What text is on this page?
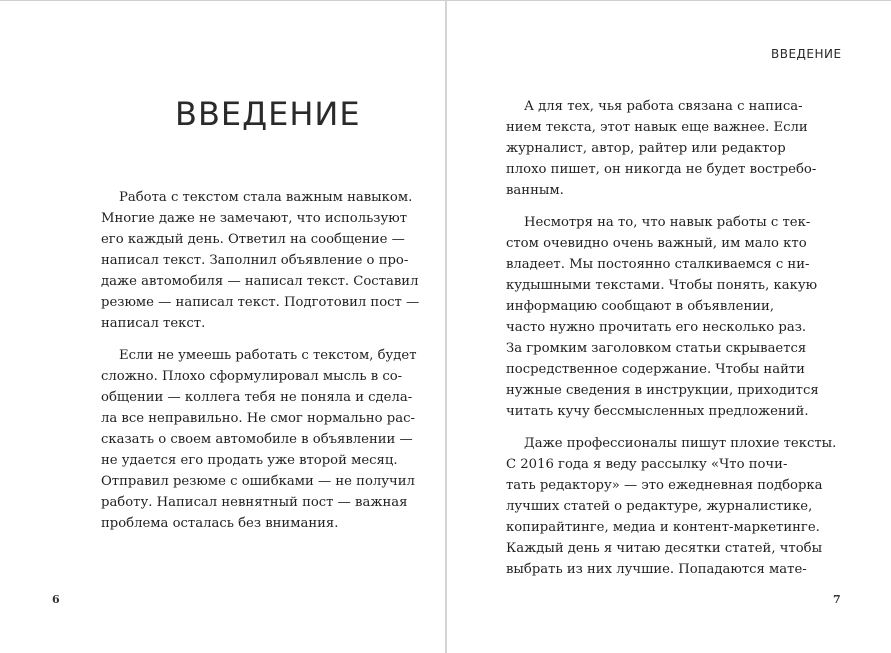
ВВЕДЕНИЕ

Работа с текстом стала важным навыком.
Многие даже не замечают, что используют
его каждый день. Ответил на сообщение —
написал текст. Заполнил объявление о про-
даже автомобиля — написал текст. Составил
резюме — написал текст. Подготовил пост —
написал текст.

Если не умеешь работать с текстом, будет
сложно. Плохо сформулировал мысль в со-
общении — коллега тебя не поняла и сдела-
ла все неправильно. Не смог нормально рас-
сказать о своем автомобиле в объявлении —
не удается его продать уже второй месяц.
Отправил резюме с ошибками — не получил
работу. Написал невнятный пост — важная
проблема осталась без внимания.

6
ВВЕДЕНИЕ

А для тех, чья работа связана с написа-
нием текста, этот навык еще важнее. Если
журналист, автор, райтер или редактор
плохо пишет, он никогда не будет востребо-
ванным.

Несмотря на то, что навык работы с тек-
стом очевидно очень важный, им мало кто
владеет. Мы постоянно сталкиваемся с ни-
кудышными текстами. Чтобы понять, какую
информацию сообщают в объявлении,
часто нужно прочитать его несколько раз.
За громким заголовком статьи скрывается
посредственное содержание. Чтобы найти
нужные сведения в инструкции, приходится
читать кучу бессмысленных предложений.

Даже профессионалы пишут плохие тексты.
С 2016 года я веду рассылку «Что почи-
тать редактору» — это ежедневная подборка
лучших статей о редактуре, журналистике,
копирайтинге, медиа и контент-маркетинге.
Каждый день я читаю десятки статей, чтобы
выбрать из них лучшие. Попадаются мате-

7
